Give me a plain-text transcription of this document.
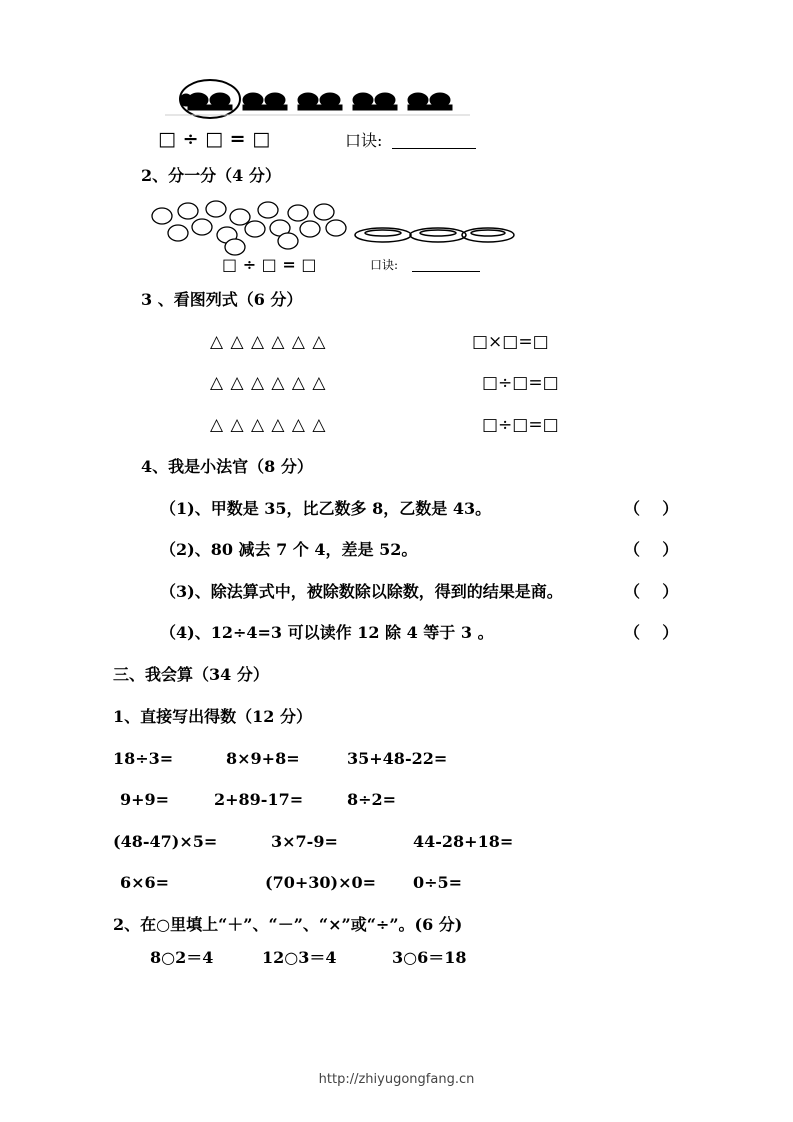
□ ÷ □ = □	口诀:
2、分一分（4 分）
□ ÷ □ = □	口诀:
3 、看图列式（6 分）
△ △ △ △ △ △	□×□=□
△ △ △ △ △ △	□÷□=□
△ △ △ △ △ △	□÷□=□
4、我是小法官（8 分）
（1)、甲数是 35，比乙数多 8，乙数是 43。	（    ）
（2)、80 减去 7 个 4，差是 52。	（    ）
（3)、除法算式中，被除数除以除数，得到的结果是商。	（    ）
（4)、12÷4=3 可以读作 12 除 4 等于 3 。	（    ）
三、我会算（34 分）
1、直接写出得数（12 分）
18÷3=	8×9+8=	35+48-22=
9+9=	2+89-17=	8÷2=
(48-47)×5=	3×7-9=	44-28+18=
6×6=	(70+30)×0= 0÷5=
2、在○里填上“＋”、“－”、“×”或“÷”。(6 分)
8○2＝4	12○3＝4	3○6＝18
http://zhiyugongfang.cn
